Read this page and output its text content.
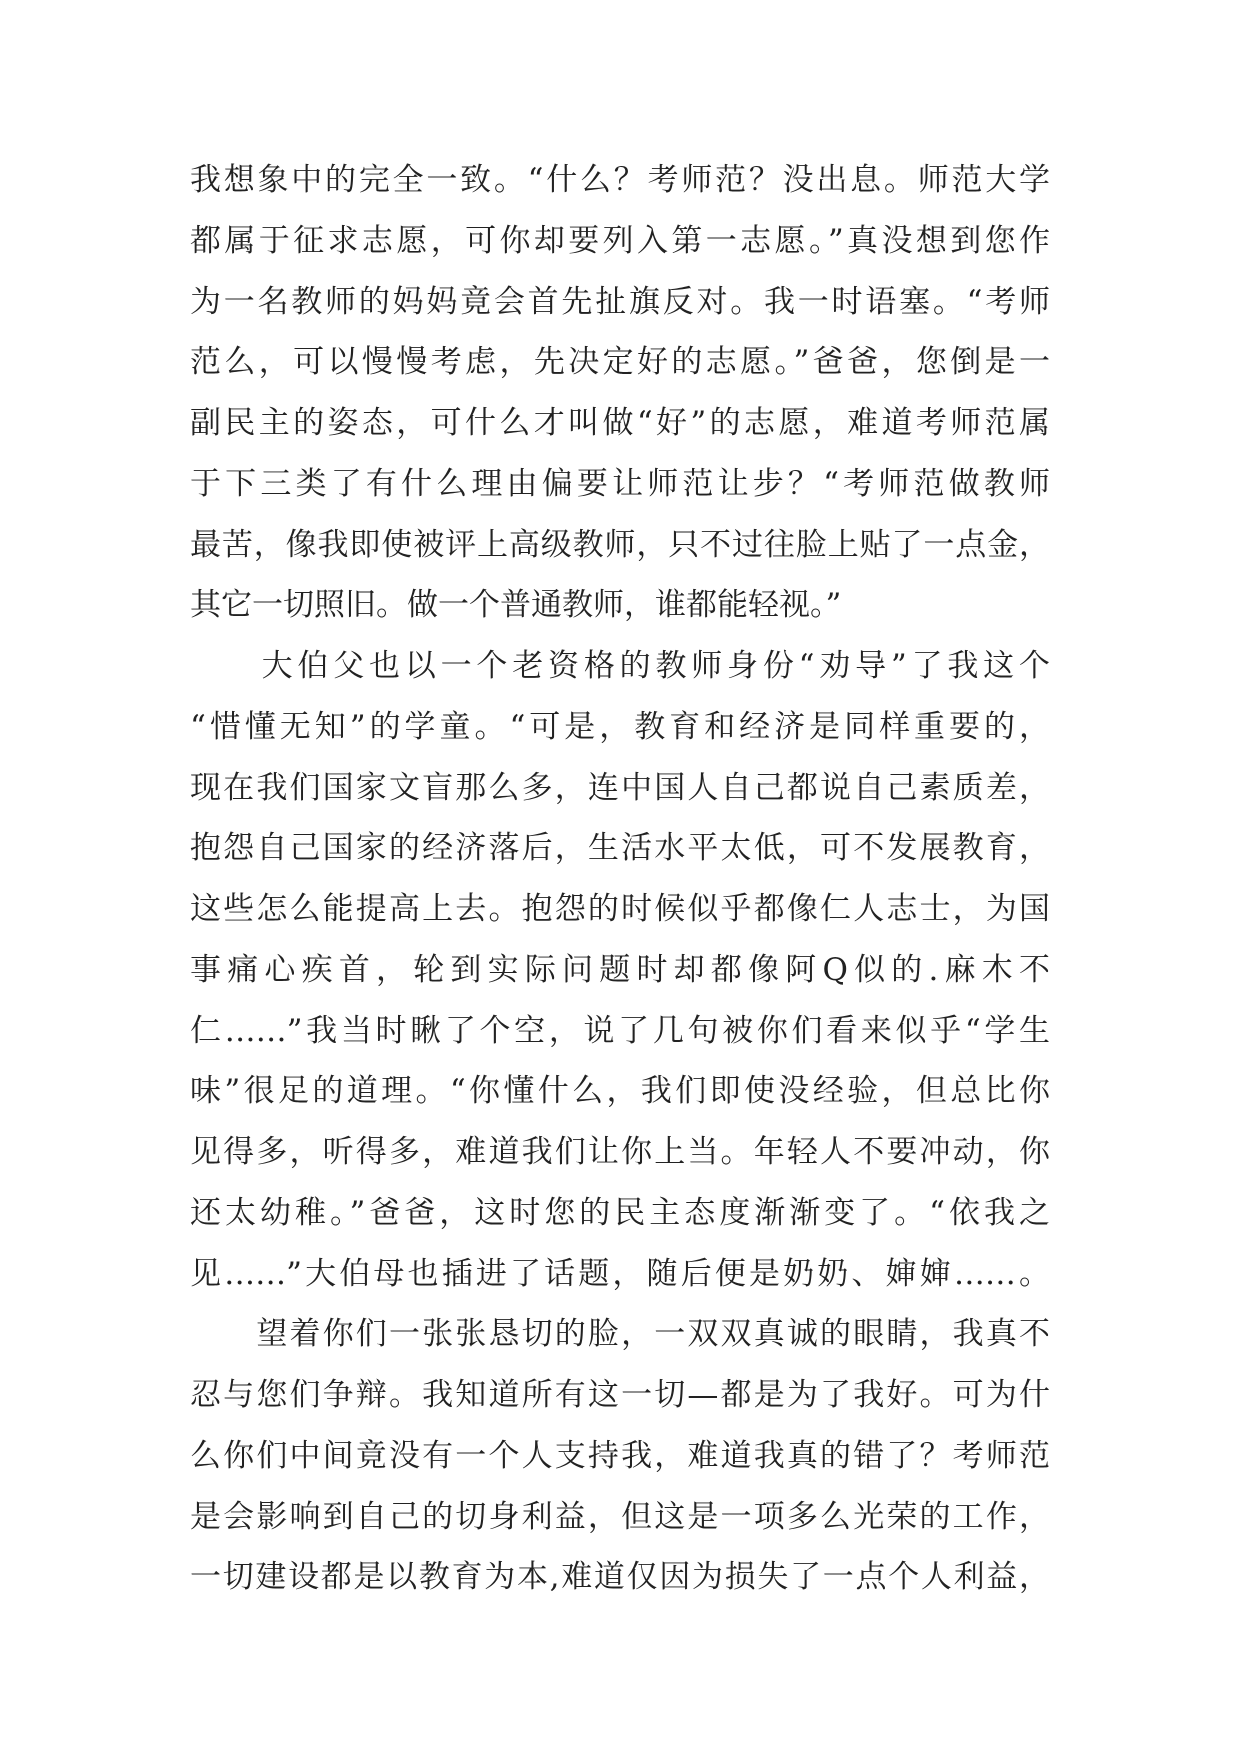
我想象中的完全一致。“什么？考师范？没出息。师范大学
都属于征求志愿，可你却要列入第一志愿。”真没想到您作
为一名教师的妈妈竟会首先扯旗反对。我一时语塞。“考师
范么，可以慢慢考虑，先决定好的志愿。”爸爸，您倒是一
副民主的姿态，可什么才叫做“好”的志愿，难道考师范属
于下三类了有什么理由偏要让师范让步？“考师范做教师
最苦，像我即使被评上高级教师，只不过往脸上贴了一点金，
其它一切照旧。做一个普通教师，谁都能轻视。”
　　大伯父也以一个老资格的教师身份“劝导”了我这个
“惜懂无知”的学童。“可是，教育和经济是同样重要的，
现在我们国家文盲那么多，连中国人自己都说自己素质差，
抱怨自己国家的经济落后，生活水平太低，可不发展教育，
这些怎么能提高上去。抱怨的时候似乎都像仁人志士，为国
事痛心疾首，轮到实际问题时却都像阿Q似的.麻木不
仁……”我当时瞅了个空，说了几句被你们看来似乎“学生
味”很足的道理。“你懂什么，我们即使没经验，但总比你
见得多，听得多，难道我们让你上当。年轻人不要冲动，你
还太幼稚。”爸爸，这时您的民主态度渐渐变了。“依我之
见……”大伯母也插进了话题，随后便是奶奶、婶婶……。
　　望着你们一张张恳切的脸，一双双真诚的眼睛，我真不
忍与您们争辩。我知道所有这一切—都是为了我好。可为什
么你们中间竟没有一个人支持我，难道我真的错了？考师范
是会影响到自己的切身利益，但这是一项多么光荣的工作，
一切建设都是以教育为本,难道仅因为损失了一点个人利益，
